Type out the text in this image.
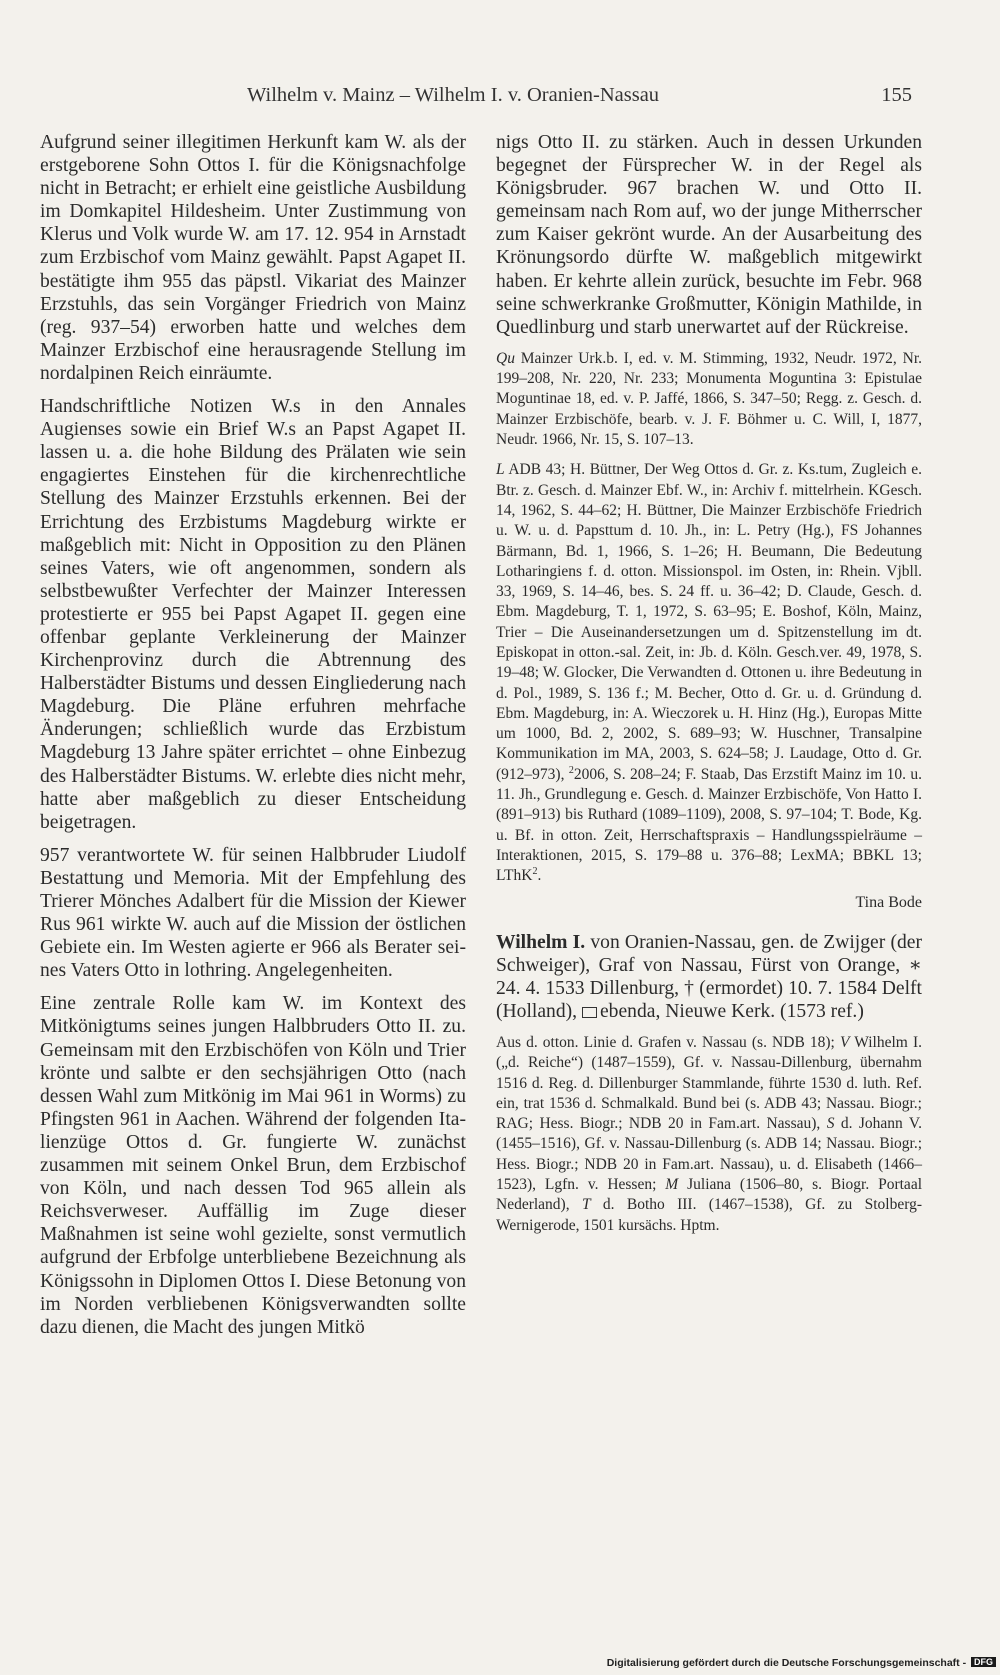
Wilhelm v. Mainz – Wilhelm I. v. Oranien-Nassau	155

Aufgrund seiner illegitimen Herkunft kam W. als der erstgeborene Sohn Ottos I. für die Königsnachfolge nicht in Betracht; er erhielt eine geistliche Ausbildung im Domkapitel Hildesheim. Unter Zustimmung von Klerus und Volk wurde W. am 17. 12. 954 in Arnstadt zum Erzbischof vom Mainz gewählt. Papst Agapet II. bestätigte ihm 955 das päpstl. Vikariat des Mainzer Erzstuhls, das sein Vorgänger Friedrich von Mainz (reg. 937–54) erworben hatte und welches dem Mainzer Erzbischof eine herausragende Stellung im nordalpinen Reich einräumte.

Handschriftliche Notizen W.s in den Annales Augienses sowie ein Brief W.s an Papst Agapet II. lassen u. a. die hohe Bildung des Prälaten wie sein engagiertes Einstehen für die kirchenrechtliche Stellung des Mainzer Erzstuhls erkennen. Bei der Errichtung des Erzbistums Magdeburg wirkte er maßgeblich mit: Nicht in Opposition zu den Plänen seines Vaters, wie oft angenommen, sondern als selbstbewußter Verfechter der Mainzer Interessen protestierte er 955 bei Papst Agapet II. gegen eine offenbar geplante Verkleinerung der Mainzer Kirchenprovinz durch die Abtrennung des Halberstädter Bistums und dessen Eingliederung nach Magdeburg. Die Pläne erfuhren mehrfache Änderungen; schließlich wurde das Erzbistum Magdeburg 13 Jahre später errichtet – ohne Einbezug des Halberstädter Bistums. W. erlebte dies nicht mehr, hatte aber maßgeblich zu dieser Entscheidung beigetragen.

957 verantwortete W. für seinen Halbbruder Liudolf Bestattung und Memoria. Mit der Empfehlung des Trierer Mönches Adalbert für die Mission der Kiewer Rus 961 wirkte W. auch auf die Mission der östlichen Gebiete ein. Im Westen agierte er 966 als Berater seines Vaters Otto in lothring. Angelegenheiten.

Eine zentrale Rolle kam W. im Kontext des Mitkönigtums seines jungen Halbbruders Otto II. zu. Gemeinsam mit den Erzbischöfen von Köln und Trier krönte und salbte er den sechsjährigen Otto (nach dessen Wahl zum Mitkönig im Mai 961 in Worms) zu Pfingsten 961 in Aachen. Während der folgenden Italienzüge Ottos d. Gr. fungierte W. zunächst zusammen mit seinem Onkel Brun, dem Erzbischof von Köln, und nach dessen Tod 965 allein als Reichsverweser. Auffällig im Zuge dieser Maßnahmen ist seine wohl gezielte, sonst vermutlich aufgrund der Erbfolge unterbliebene Bezeichnung als Königssohn in Diplomen Ottos I. Diese Betonung von im Norden verbliebenen Königsverwandten sollte dazu dienen, die Macht des jungen Mitkö

nigs Otto II. zu stärken. Auch in dessen Urkunden begegnet der Fürsprecher W. in der Regel als Königsbruder. 967 brachen W. und Otto II. gemeinsam nach Rom auf, wo der junge Mitherrscher zum Kaiser gekrönt wurde. An der Ausarbeitung des Krönungsordo dürfte W. maßgeblich mitgewirkt haben. Er kehrte allein zurück, besuchte im Febr. 968 seine schwerkranke Großmutter, Königin Mathilde, in Quedlinburg und starb unerwartet auf der Rückreise.

Qu Mainzer Urk.b. I, ed. v. M. Stimming, 1932, Neudr. 1972, Nr. 199–208, Nr. 220, Nr. 233; Monumenta Moguntina 3: Epistulae Moguntinae 18, ed. v. P. Jaffé, 1866, S. 347–50; Regg. z. Gesch. d. Mainzer Erzbischöfe, bearb. v. J. F. Böhmer u. C. Will, I, 1877, Neudr. 1966, Nr. 15, S. 107–13.

L ADB 43; H. Büttner, Der Weg Ottos d. Gr. z. Ks.tum, Zugleich e. Btr. z. Gesch. d. Mainzer Ebf. W., in: Archiv f. mittelrhein. KGesch. 14, 1962, S. 44–62; H. Büttner, Die Mainzer Erzbischöfe Friedrich u. W. u. d. Papsttum d. 10. Jh., in: L. Petry (Hg.), FS Johannes Bärmann, Bd. 1, 1966, S. 1–26; H. Beumann, Die Bedeutung Lotharingiens f. d. otton. Missionspol. im Osten, in: Rhein. Vjbll. 33, 1969, S. 14–46, bes. S. 24 ff. u. 36–42; D. Claude, Gesch. d. Ebm. Magdeburg, T. 1, 1972, S. 63–95; E. Boshof, Köln, Mainz, Trier – Die Auseinandersetzungen um d. Spitzenstellung im dt. Episkopat in otton.-sal. Zeit, in: Jb. d. Köln. Gesch.ver. 49, 1978, S. 19–48; W. Glocker, Die Verwandten d. Ottonen u. ihre Bedeutung in d. Pol., 1989, S. 136 f.; M. Becher, Otto d. Gr. u. d. Gründung d. Ebm. Magdeburg, in: A. Wieczorek u. H. Hinz (Hg.), Europas Mitte um 1000, Bd. 2, 2002, S. 689–93; W. Huschner, Transalpine Kommunikation im MA, 2003, S. 624–58; J. Laudage, Otto d. Gr. (912–973), $^2$2006, S. 208–24; F. Staab, Das Erzstift Mainz im 10. u. 11. Jh., Grundlegung e. Gesch. d. Mainzer Erzbischöfe, Von Hatto I. (891–913) bis Ruthard (1089–1109), 2008, S. 97–104; T. Bode, Kg. u. Bf. in otton. Zeit, Herrschaftspraxis – Handlungsspielräume – Interaktionen, 2015, S. 179–88 u. 376–88; LexMA; BBKL 13; LThK$^2$.

Tina Bode

Wilhelm I. von Oranien-Nassau, gen. de Zwijger (der Schweiger), Graf von Nassau, Fürst von Orange, ∗ 24. 4. 1533 Dillenburg, † (ermordet) 10. 7. 1584 Delft (Holland), ebenda, Nieuwe Kerk. (1573 ref.)

Aus d. otton. Linie d. Grafen v. Nassau (s. NDB 18); V Wilhelm I. („d. Reiche“) (1487–1559), Gf. v. Nassau-Dillenburg, übernahm 1516 d. Reg. d. Dillenburger Stammlande, führte 1530 d. luth. Ref. ein, trat 1536 d. Schmalkald. Bund bei (s. ADB 43; Nassau. Biogr.; RAG; Hess. Biogr.; NDB 20 in Fam.art. Nassau), S d. Johann V. (1455–1516), Gf. v. Nassau-Dillenburg (s. ADB 14; Nassau. Biogr.; Hess. Biogr.; NDB 20 in Fam.art. Nassau), u. d. Elisabeth (1466–1523), Lgfn. v. Hessen; M Juliana (1506–80, s. Biogr. Portaal Nederland), T d. Botho III. (1467–1538), Gf. zu Stolberg-Wernigerode, 1501 kursächs. Hptm.

Digitalisierung gefördert durch die Deutsche Forschungsgemeinschaft - DFG
